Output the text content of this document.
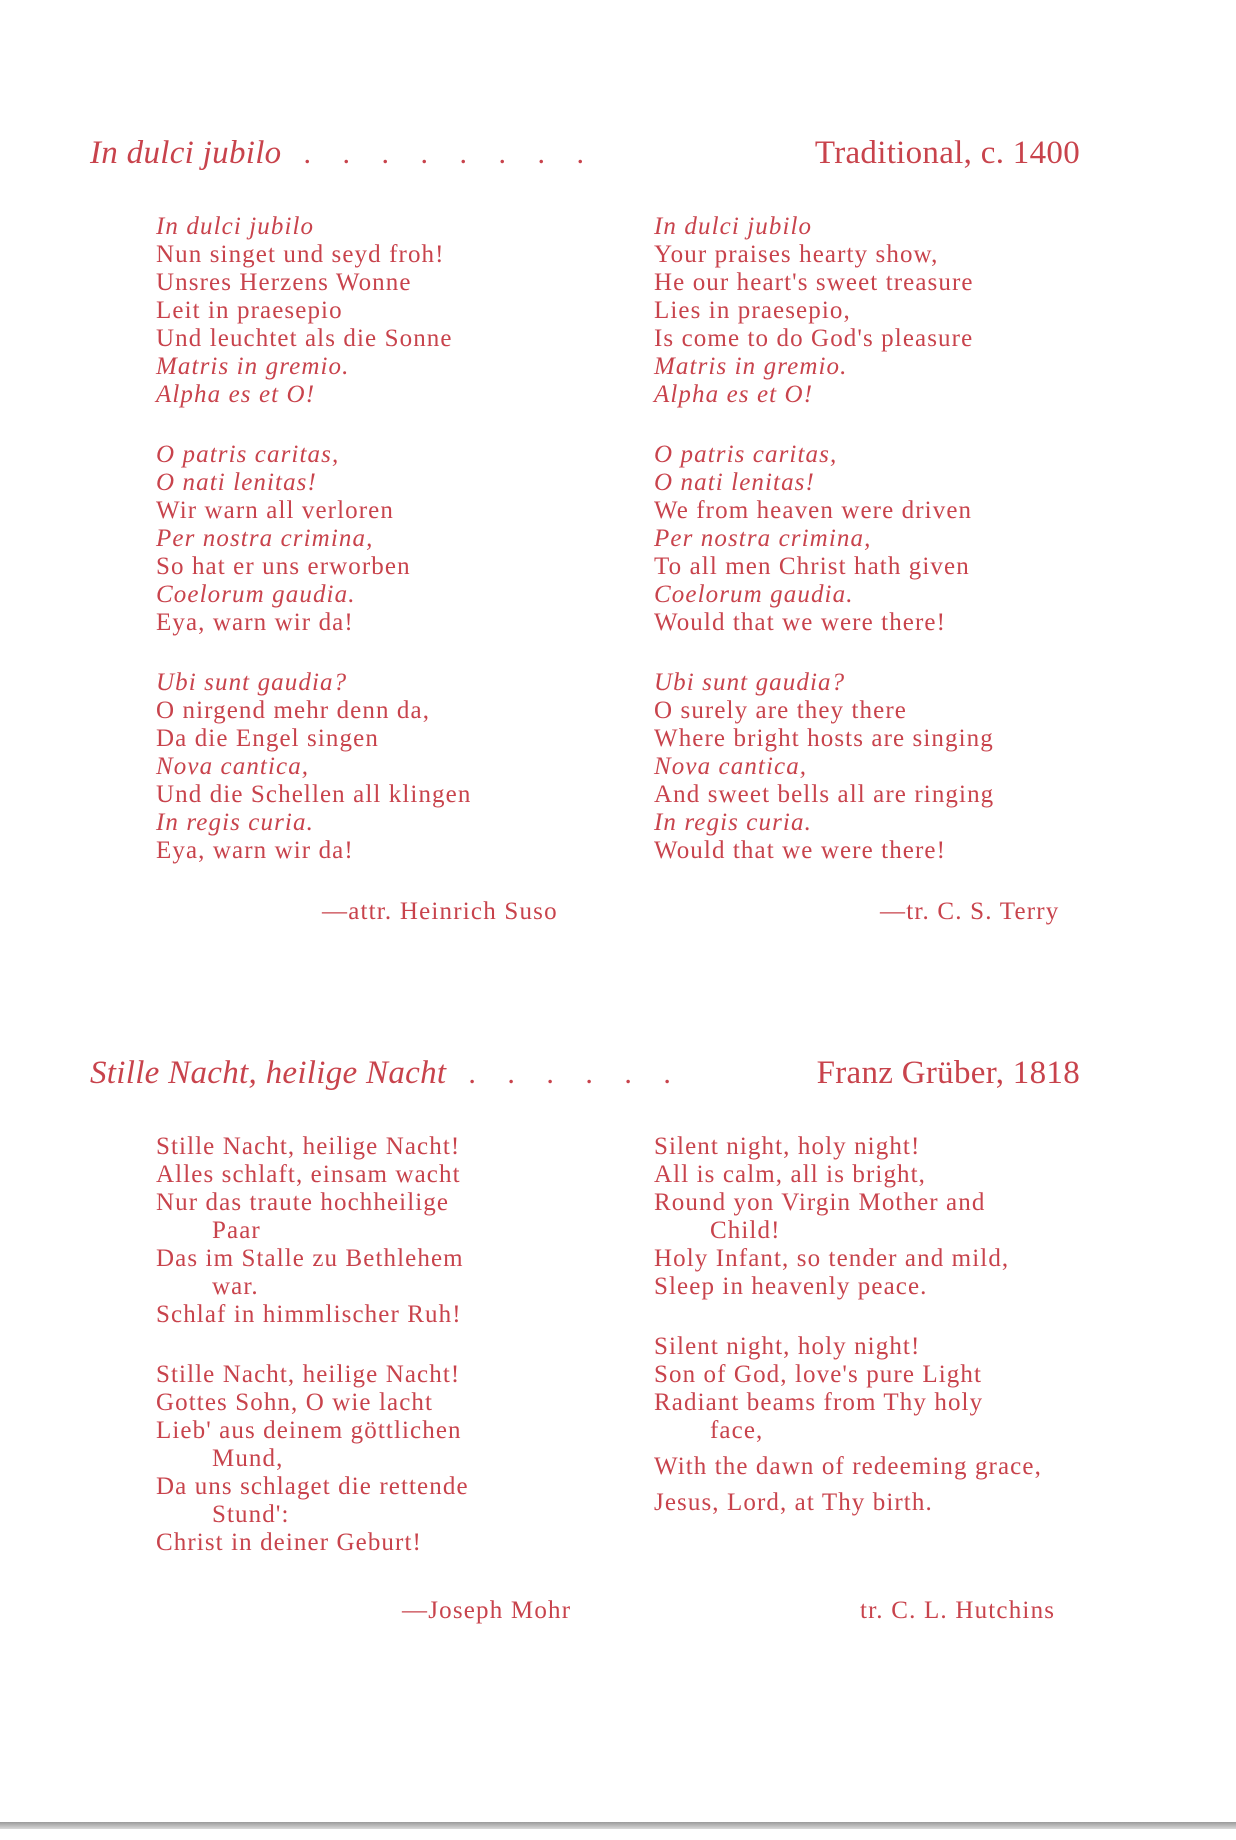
In dulci jubilo . . . . . . . .	Traditional, c. 1400
In dulci jubilo
Nun singet und seyd froh!
Unsres Herzens Wonne
Leit in praesepio
Und leuchtet als die Sonne
Matris in gremio.
Alpha es et O!
O patris caritas,
O nati lenitas!
Wir warn all verloren
Per nostra crimina,
So hat er uns erworben
Coelorum gaudia.
Eya, warn wir da!
Ubi sunt gaudia?
O nirgend mehr denn da,
Da die Engel singen
Nova cantica,
Und die Schellen all klingen
In regis curia.
Eya, warn wir da!
In dulci jubilo
Your praises hearty show,
He our heart's sweet treasure
Lies in praesepio,
Is come to do God's pleasure
Matris in gremio.
Alpha es et O!
O patris caritas,
O nati lenitas!
We from heaven were driven
Per nostra crimina,
To all men Christ hath given
Coelorum gaudia.
Would that we were there!
Ubi sunt gaudia?
O surely are they there
Where bright hosts are singing
Nova cantica,
And sweet bells all are ringing
In regis curia.
Would that we were there!
—attr. Heinrich Suso	—tr. C. S. Terry
Stille Nacht, heilige Nacht . . . . . .	Franz Grüber, 1818
Stille Nacht, heilige Nacht!
Alles schlaft, einsam wacht
Nur das traute hochheilige
Paar
Das im Stalle zu Bethlehem
war.
Schlaf in himmlischer Ruh!
Stille Nacht, heilige Nacht!
Gottes Sohn, O wie lacht
Lieb' aus deinem göttlichen
Mund,
Da uns schlaget die rettende
Stund':
Christ in deiner Geburt!
Silent night, holy night!
All is calm, all is bright,
Round yon Virgin Mother and
Child!
Holy Infant, so tender and mild,
Sleep in heavenly peace.
Silent night, holy night!
Son of God, love's pure Light
Radiant beams from Thy holy
face,
With the dawn of redeeming grace,
Jesus, Lord, at Thy birth.
—Joseph Mohr	tr. C. L. Hutchins
